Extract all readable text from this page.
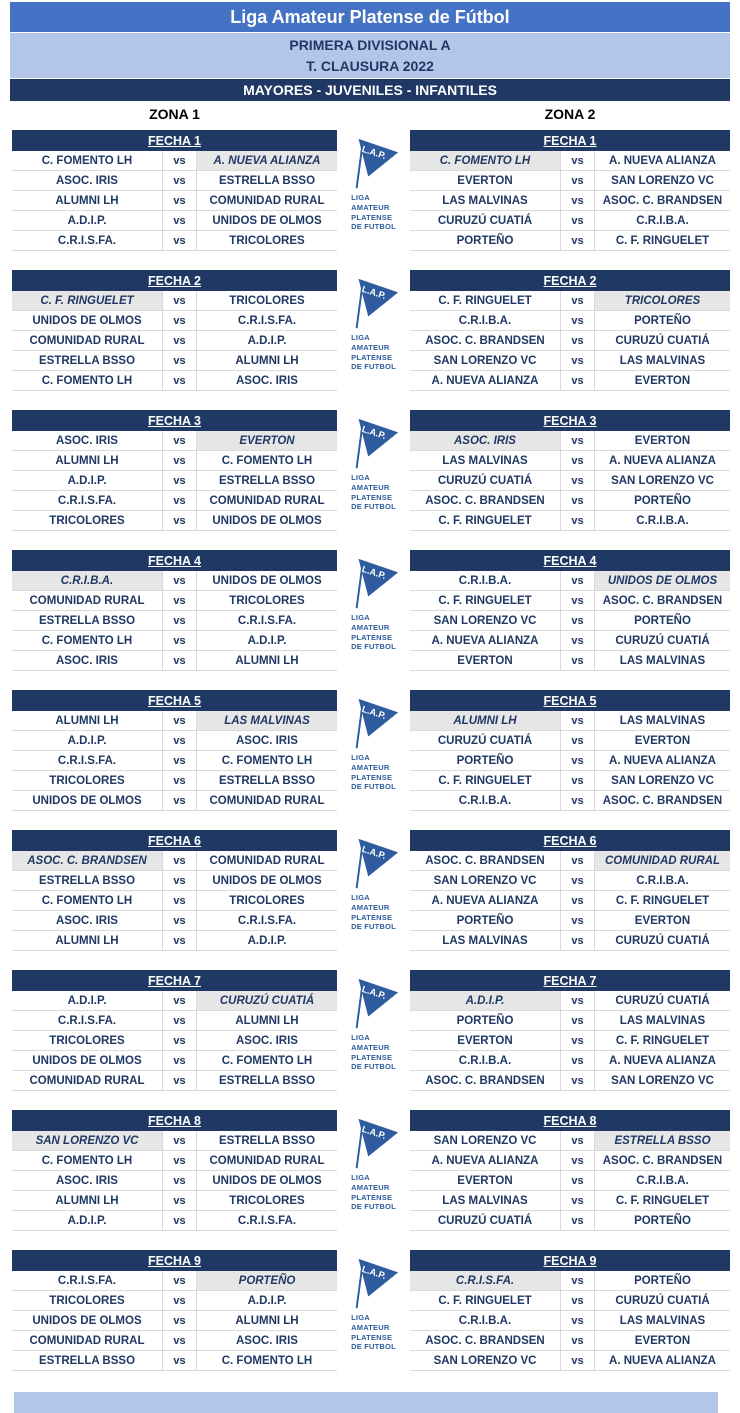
Liga Amateur Platense de Fútbol
PRIMERA DIVISIONAL A
T. CLAUSURA 2022
MAYORES - JUVENILES - INFANTILES
ZONA 1	ZONA 2
FECHA 1
C. FOMENTO LH	vs	A. NUEVA ALIANZA
ASOC. IRIS	vs	ESTRELLA BSSO
ALUMNI LH	vs	COMUNIDAD RURAL
A.D.I.P.	vs	UNIDOS DE OLMOS
C.R.I.S.FA.	vs	TRICOLORES
L.A.P.
LIGA
AMATEUR
PLATENSE
DE FUTBOL
FECHA 1
C. FOMENTO LH	vs	A. NUEVA ALIANZA
EVERTON	vs	SAN LORENZO VC
LAS MALVINAS	vs	ASOC. C. BRANDSEN
CURUZÚ CUATIÁ	vs	C.R.I.B.A.
PORTEÑO	vs	C. F. RINGUELET
FECHA 2
C. F. RINGUELET	vs	TRICOLORES
UNIDOS DE OLMOS	vs	C.R.I.S.FA.
COMUNIDAD RURAL	vs	A.D.I.P.
ESTRELLA BSSO	vs	ALUMNI LH
C. FOMENTO LH	vs	ASOC. IRIS
L.A.P.
LIGA
AMATEUR
PLATENSE
DE FUTBOL
FECHA 2
C. F. RINGUELET	vs	TRICOLORES
C.R.I.B.A.	vs	PORTEÑO
ASOC. C. BRANDSEN	vs	CURUZÚ CUATIÁ
SAN LORENZO VC	vs	LAS MALVINAS
A. NUEVA ALIANZA	vs	EVERTON
FECHA 3
ASOC. IRIS	vs	EVERTON
ALUMNI LH	vs	C. FOMENTO LH
A.D.I.P.	vs	ESTRELLA BSSO
C.R.I.S.FA.	vs	COMUNIDAD RURAL
TRICOLORES	vs	UNIDOS DE OLMOS
L.A.P.
LIGA
AMATEUR
PLATENSE
DE FUTBOL
FECHA 3
ASOC. IRIS	vs	EVERTON
LAS MALVINAS	vs	A. NUEVA ALIANZA
CURUZÚ CUATIÁ	vs	SAN LORENZO VC
ASOC. C. BRANDSEN	vs	PORTEÑO
C. F. RINGUELET	vs	C.R.I.B.A.
FECHA 4
C.R.I.B.A.	vs	UNIDOS DE OLMOS
COMUNIDAD RURAL	vs	TRICOLORES
ESTRELLA BSSO	vs	C.R.I.S.FA.
C. FOMENTO LH	vs	A.D.I.P.
ASOC. IRIS	vs	ALUMNI LH
L.A.P.
LIGA
AMATEUR
PLATENSE
DE FUTBOL
FECHA 4
C.R.I.B.A.	vs	UNIDOS DE OLMOS
C. F. RINGUELET	vs	ASOC. C. BRANDSEN
SAN LORENZO VC	vs	PORTEÑO
A. NUEVA ALIANZA	vs	CURUZÚ CUATIÁ
EVERTON	vs	LAS MALVINAS
FECHA 5
ALUMNI LH	vs	LAS MALVINAS
A.D.I.P.	vs	ASOC. IRIS
C.R.I.S.FA.	vs	C. FOMENTO LH
TRICOLORES	vs	ESTRELLA BSSO
UNIDOS DE OLMOS	vs	COMUNIDAD RURAL
L.A.P.
LIGA
AMATEUR
PLATENSE
DE FUTBOL
FECHA 5
ALUMNI LH	vs	LAS MALVINAS
CURUZÚ CUATIÁ	vs	EVERTON
PORTEÑO	vs	A. NUEVA ALIANZA
C. F. RINGUELET	vs	SAN LORENZO VC
C.R.I.B.A.	vs	ASOC. C. BRANDSEN
FECHA 6
ASOC. C. BRANDSEN	vs	COMUNIDAD RURAL
ESTRELLA BSSO	vs	UNIDOS DE OLMOS
C. FOMENTO LH	vs	TRICOLORES
ASOC. IRIS	vs	C.R.I.S.FA.
ALUMNI LH	vs	A.D.I.P.
L.A.P.
LIGA
AMATEUR
PLATENSE
DE FUTBOL
FECHA 6
ASOC. C. BRANDSEN	vs	COMUNIDAD RURAL
SAN LORENZO VC	vs	C.R.I.B.A.
A. NUEVA ALIANZA	vs	C. F. RINGUELET
PORTEÑO	vs	EVERTON
LAS MALVINAS	vs	CURUZÚ CUATIÁ
FECHA 7
A.D.I.P.	vs	CURUZÚ CUATIÁ
C.R.I.S.FA.	vs	ALUMNI LH
TRICOLORES	vs	ASOC. IRIS
UNIDOS DE OLMOS	vs	C. FOMENTO LH
COMUNIDAD RURAL	vs	ESTRELLA BSSO
L.A.P.
LIGA
AMATEUR
PLATENSE
DE FUTBOL
FECHA 7
A.D.I.P.	vs	CURUZÚ CUATIÁ
PORTEÑO	vs	LAS MALVINAS
EVERTON	vs	C. F. RINGUELET
C.R.I.B.A.	vs	A. NUEVA ALIANZA
ASOC. C. BRANDSEN	vs	SAN LORENZO VC
FECHA 8
SAN LORENZO VC	vs	ESTRELLA BSSO
C. FOMENTO LH	vs	COMUNIDAD RURAL
ASOC. IRIS	vs	UNIDOS DE OLMOS
ALUMNI LH	vs	TRICOLORES
A.D.I.P.	vs	C.R.I.S.FA.
L.A.P.
LIGA
AMATEUR
PLATENSE
DE FUTBOL
FECHA 8
SAN LORENZO VC	vs	ESTRELLA BSSO
A. NUEVA ALIANZA	vs	ASOC. C. BRANDSEN
EVERTON	vs	C.R.I.B.A.
LAS MALVINAS	vs	C. F. RINGUELET
CURUZÚ CUATIÁ	vs	PORTEÑO
FECHA 9
C.R.I.S.FA.	vs	PORTEÑO
TRICOLORES	vs	A.D.I.P.
UNIDOS DE OLMOS	vs	ALUMNI LH
COMUNIDAD RURAL	vs	ASOC. IRIS
ESTRELLA BSSO	vs	C. FOMENTO LH
L.A.P.
LIGA
AMATEUR
PLATENSE
DE FUTBOL
FECHA 9
C.R.I.S.FA.	vs	PORTEÑO
C. F. RINGUELET	vs	CURUZÚ CUATIÁ
C.R.I.B.A.	vs	LAS MALVINAS
ASOC. C. BRANDSEN	vs	EVERTON
SAN LORENZO VC	vs	A. NUEVA ALIANZA
